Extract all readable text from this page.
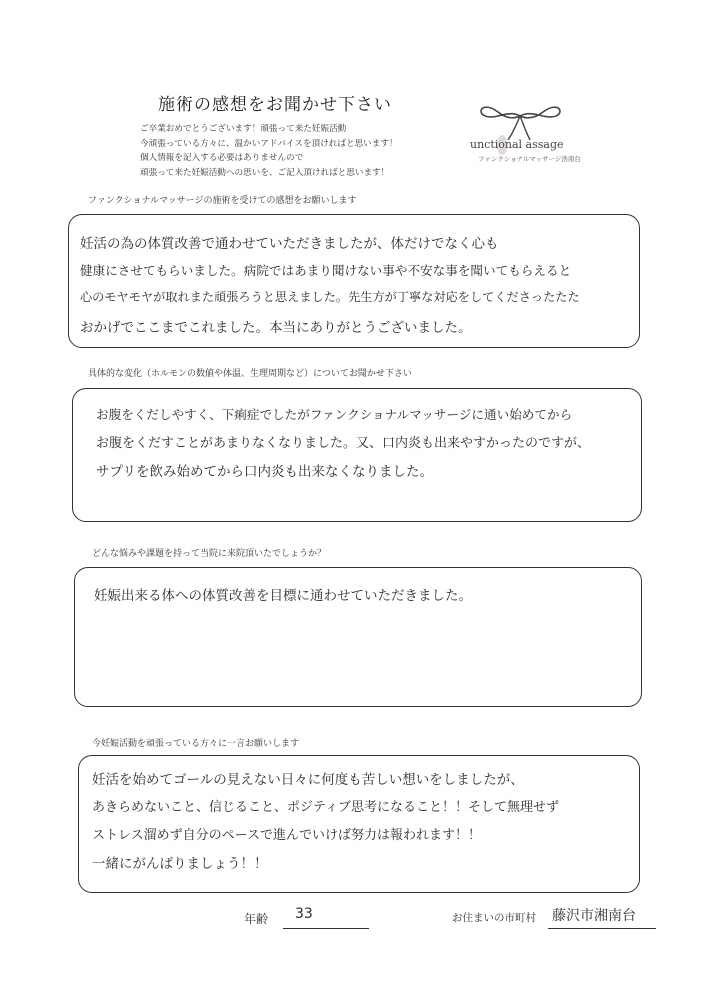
施術の感想をお聞かせ下さい
ご卒業おめでとうございます！頑張って来た妊娠活動
今頑張っている方々に、温かいアドバイスを頂ければと思います！
個人情報を記入する必要はありませんので
頑張って来た妊娠活動への思いを、ご記入頂ければと思います！
unctional assage
ファンクショナルマッサージ浩南台
ファンクショナルマッサージの施術を受けての感想をお願いします
妊活の為の体質改善で通わせていただきましたが、体だけでなく心も
健康にさせてもらいました。病院ではあまり聞けない事や不安な事を聞いてもらえると
心のモヤモヤが取れまた頑張ろうと思えました。先生方が丁寧な対応をしてくださったたた
おかげでここまでこれました。本当にありがとうございました。
具体的な変化（ホルモンの数値や体温、生理周期など）についてお聞かせ下さい
お腹をくだしやすく、下痢症でしたがファンクショナルマッサージに通い始めてから
お腹をくだすことがあまりなくなりました。又、口内炎も出来やすかったのですが、
サプリを飲み始めてから口内炎も出来なくなりました。
どんな悩みや課題を持って当院に来院頂いたでしょうか？
妊娠出来る体への体質改善を目標に通わせていただきました。
今妊娠活動を頑張っている方々に一言お願いします
妊活を始めてゴールの見えない日々に何度も苦しい想いをしましたが、
あきらめないこと、信じること、ポジティブ思考になること！！そして無理せず
ストレス溜めず自分のペースで進んでいけば努力は報われます！！
一緒にがんばりましょう！！
年齢 33	お住まいの市町村 藤沢市湘南台
